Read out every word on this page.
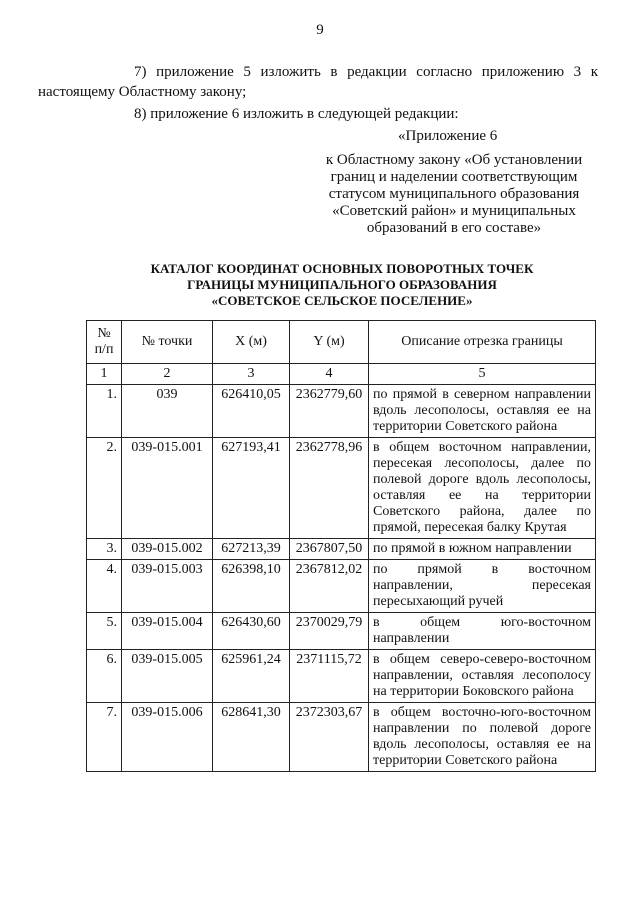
9
7) приложение 5 изложить в редакции согласно приложению 3 к
настоящему Областному закону;
8) приложение 6 изложить в следующей редакции:
«Приложение 6
к Областному закону «Об установлении
границ и наделении соответствующим
статусом муниципального образования
«Советский район» и муниципальных
образований в его составе»
КАТАЛОГ КООРДИНАТ ОСНОВНЫХ ПОВОРОТНЫХ ТОЧЕК
ГРАНИЦЫ МУНИЦИПАЛЬНОГО ОБРАЗОВАНИЯ
«СОВЕТСКОЕ СЕЛЬСКОЕ ПОСЕЛЕНИЕ»
№
п/п	№ точки	X (м)	Y (м)	Описание отрезка границы
1	2	3	4	5
1.	039	626410,05	2362779,60	по прямой в северном направлении вдоль лесополосы, оставляя ее на территории Советского района
2.	039-015.001	627193,41	2362778,96	в общем восточном направлении, пересекая лесополосы, далее по полевой дороге вдоль лесополосы, оставляя ее на территории Советского района, далее по прямой, пересекая балку Крутая
3.	039-015.002	627213,39	2367807,50	по прямой в южном направлении
4.	039-015.003	626398,10	2367812,02	по прямой в восточном направлении, пересекая пересыхающий ручей
5.	039-015.004	626430,60	2370029,79	в общем юго-восточном направлении
6.	039-015.005	625961,24	2371115,72	в общем северо-северо-восточном направлении, оставляя лесополосу на территории Боковского района
7.	039-015.006	628641,30	2372303,67	в общем восточно-юго-восточном направлении по полевой дороге вдоль лесополосы, оставляя ее на территории Советского района
